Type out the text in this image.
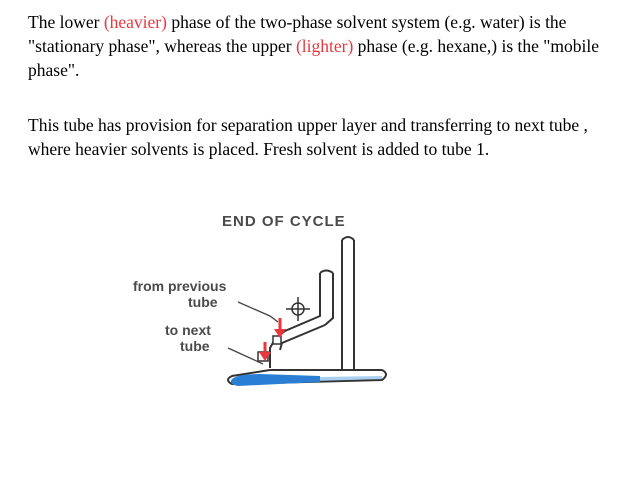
The lower (heavier) phase of the two-phase solvent system (e.g. water) is the "stationary phase", whereas the upper (lighter) phase (e.g. hexane,) is the "mobile phase".

This tube has provision for separation upper layer and transferring to next tube , where heavier solvents is placed. Fresh solvent is added to tube 1.

END OF CYCLE
from previous
tube
to next
tube
